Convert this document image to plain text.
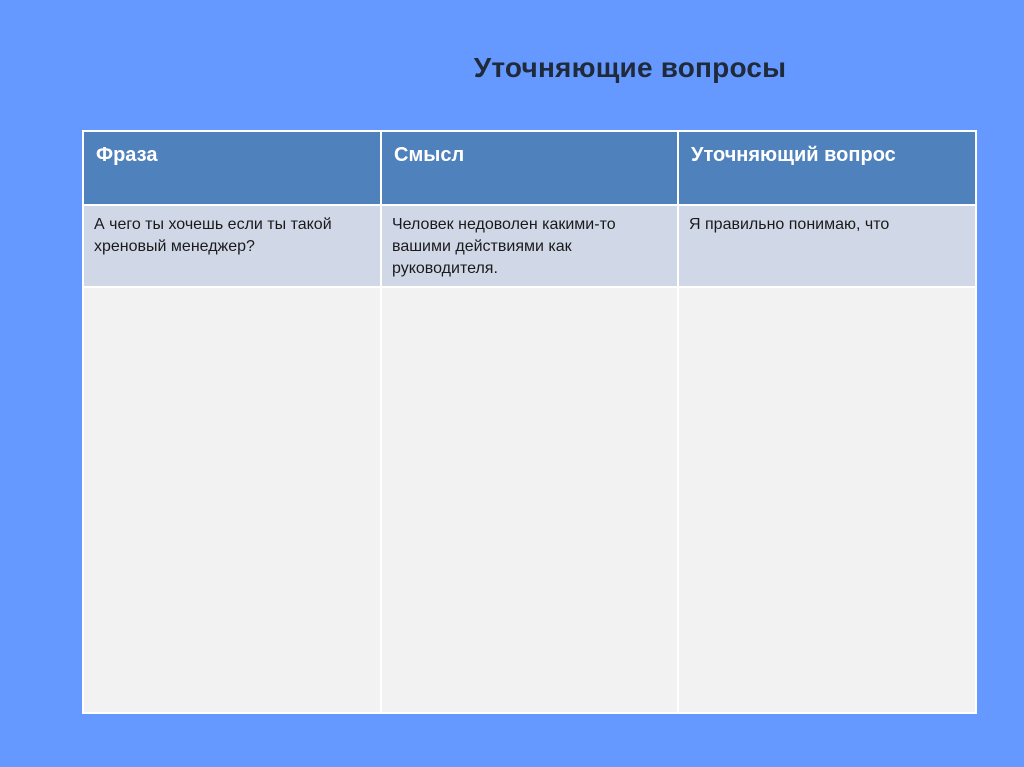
Уточняющие вопросы
Фраза	Смысл	Уточняющий вопрос
А чего ты хочешь если ты такой хреновый менеджер?	Человек недоволен какими-то вашими действиями как руководителя.	Я правильно понимаю, что
